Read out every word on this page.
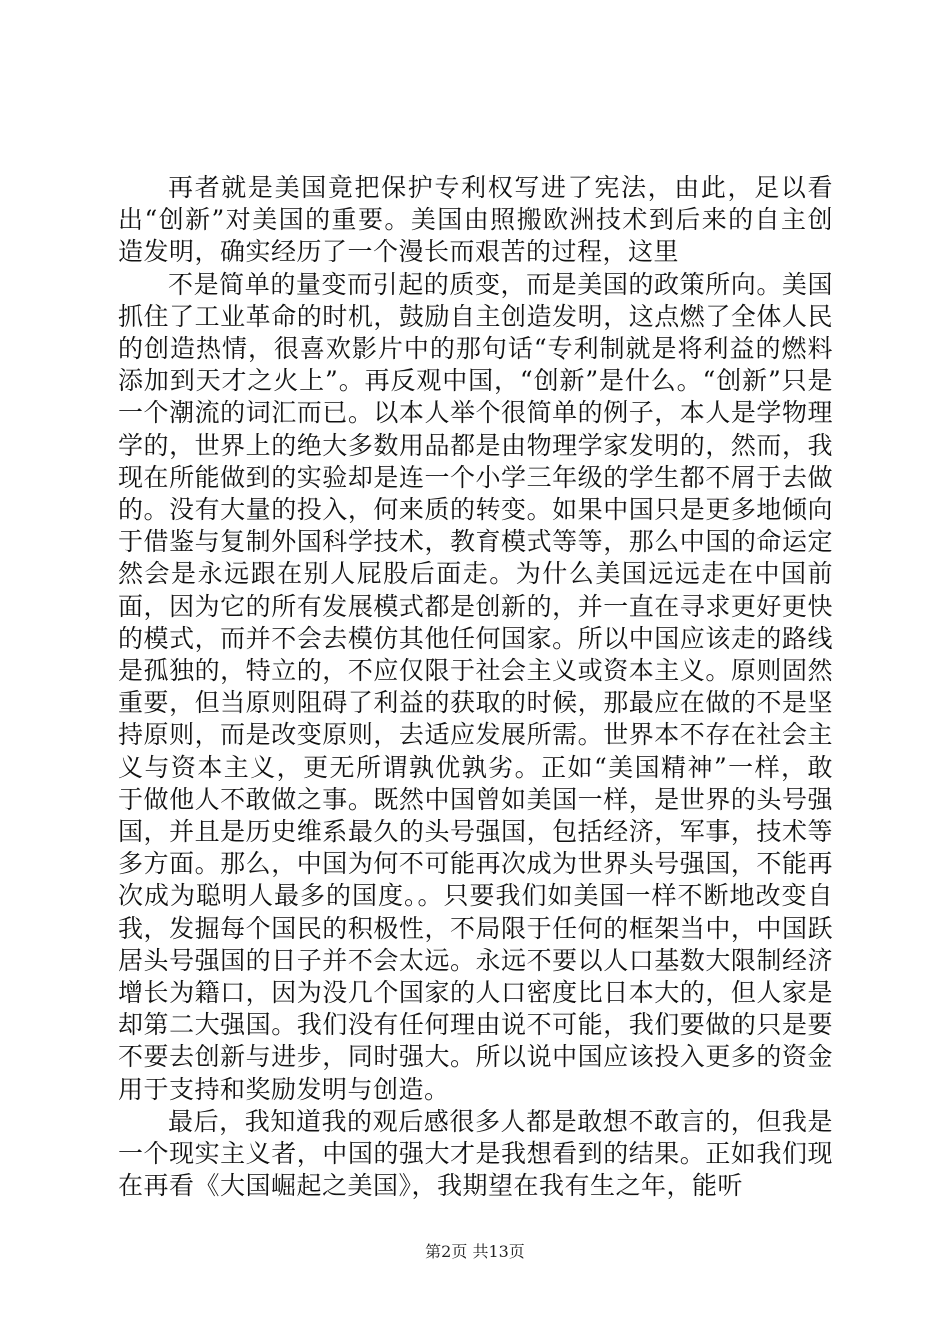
再者就是美国竟把保护专利权写进了宪法，由此，足以看出“创新”对美国的重要。美国由照搬欧洲技术到后来的自主创造发明，确实经历了一个漫长而艰苦的过程，这里

不是简单的量变而引起的质变，而是美国的政策所向。美国抓住了工业革命的时机，鼓励自主创造发明，这点燃了全体人民的创造热情，很喜欢影片中的那句话“专利制就是将利益的燃料添加到天才之火上”。再反观中国，“创新”是什么。“创新”只是一个潮流的词汇而已。以本人举个很简单的例子，本人是学物理学的，世界上的绝大多数用品都是由物理学家发明的，然而，我现在所能做到的实验却是连一个小学三年级的学生都不屑于去做的。没有大量的投入，何来质的转变。如果中国只是更多地倾向于借鉴与复制外国科学技术，教育模式等等，那么中国的命运定然会是永远跟在别人屁股后面走。为什么美国远远走在中国前面，因为它的所有发展模式都是创新的，并一直在寻求更好更快的模式，而并不会去模仿其他任何国家。所以中国应该走的路线是孤独的，特立的，不应仅限于社会主义或资本主义。原则固然重要，但当原则阻碍了利益的获取的时候，那最应在做的不是坚持原则，而是改变原则，去适应发展所需。世界本不存在社会主义与资本主义，更无所谓孰优孰劣。正如“美国精神”一样，敢于做他人不敢做之事。既然中国曾如美国一样，是世界的头号强国，并且是历史维系最久的头号强国，包括经济，军事，技术等多方面。那么，中国为何不可能再次成为世界头号强国，不能再次成为聪明人最多的国度。。只要我们如美国一样不断地改变自我，发掘每个国民的积极性，不局限于任何的框架当中，中国跃居头号强国的日子并不会太远。永远不要以人口基数大限制经济增长为籍口，因为没几个国家的人口密度比日本大的，但人家是却第二大强国。我们没有任何理由说不可能，我们要做的只是要不要去创新与进步，同时强大。所以说中国应该投入更多的资金用于支持和奖励发明与创造。

最后，我知道我的观后感很多人都是敢想不敢言的，但我是一个现实主义者，中国的强大才是我想看到的结果。正如我们现在再看《大国崛起之美国》，我期望在我有生之年，能听

第2页 共13页
